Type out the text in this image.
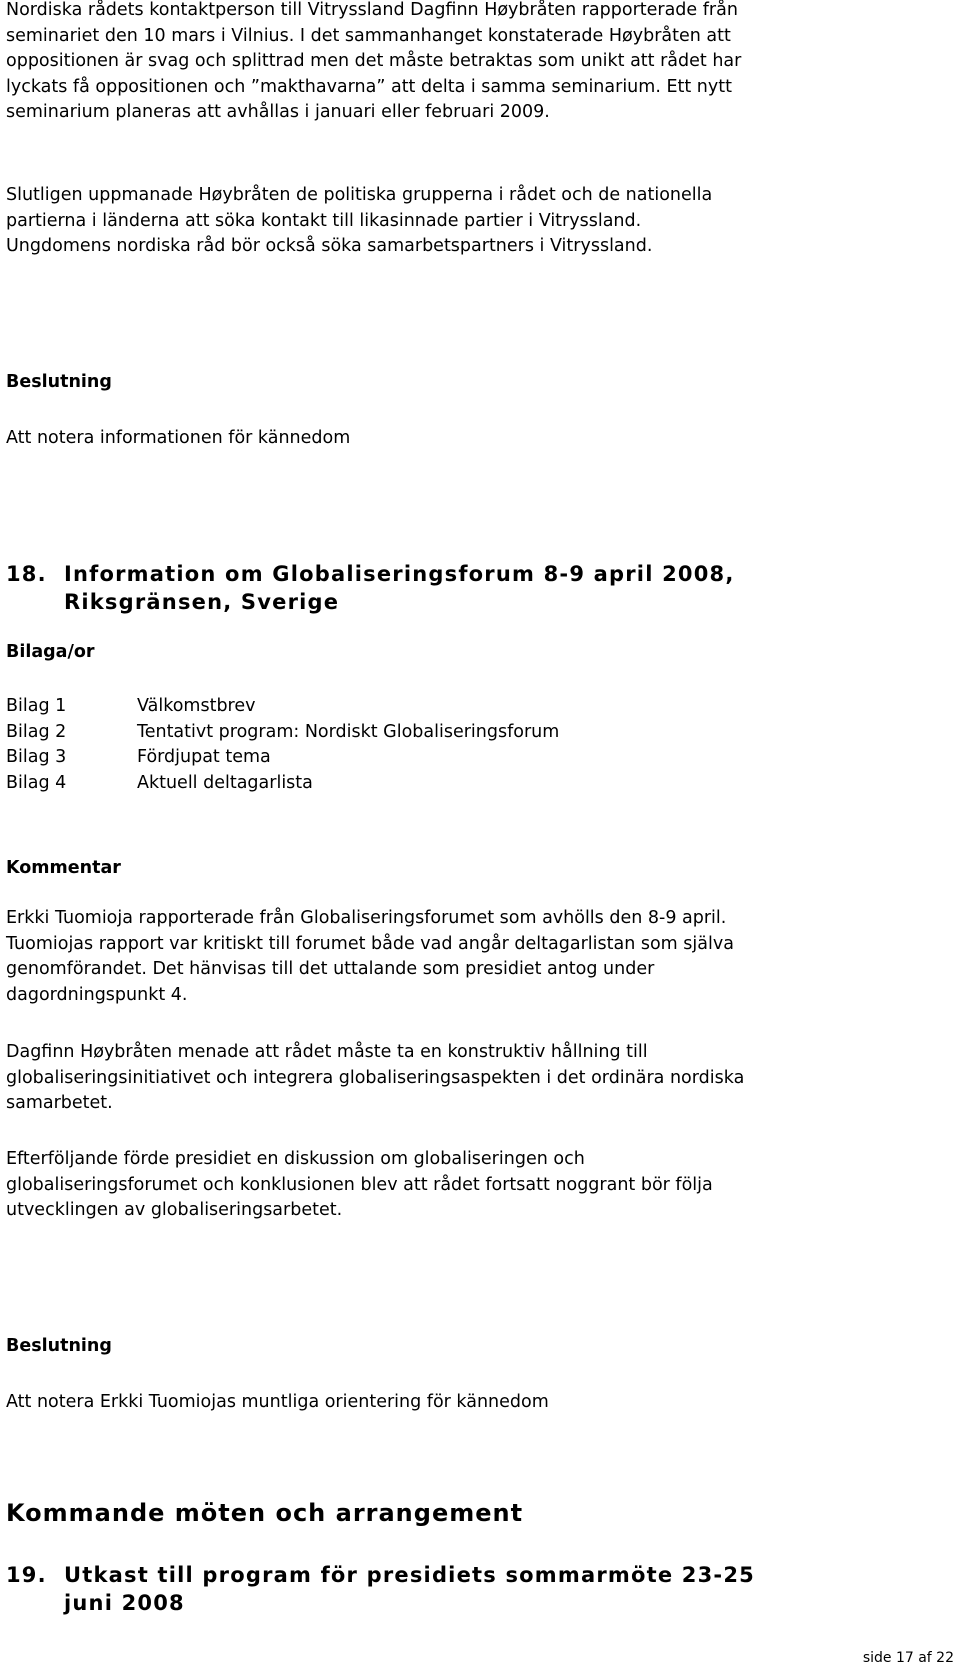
Nordiska rådets kontaktperson till Vitryssland Dagfinn Høybråten rapporterade från seminariet den 10 mars i Vilnius. I det sammanhanget konstaterade Høybråten att oppositionen är svag och splittrad men det måste betraktas som unikt att rådet har lyckats få oppositionen och ”makthavarna” att delta i samma seminarium. Ett nytt seminarium planeras att avhållas i januari eller februari 2009.

Slutligen uppmanade Høybråten de politiska grupperna i rådet och de nationella partierna i länderna att söka kontakt till likasinnade partier i Vitryssland. Ungdomens nordiska råd bör också söka samarbetspartners i Vitryssland.

Beslutning

Att notera informationen för kännedom

18. Information om Globaliseringsforum 8-9 april 2008, Riksgränsen, Sverige

Bilaga/or

Bilag 1	Välkomstbrev
Bilag 2	Tentativt program: Nordiskt Globaliseringsforum
Bilag 3	Fördjupat tema
Bilag 4	Aktuell deltagarlista

Kommentar

Erkki Tuomioja rapporterade från Globaliseringsforumet som avhölls den 8-9 april. Tuomiojas rapport var kritiskt till forumet både vad angår deltagarlistan som själva genomförandet. Det hänvisas till det uttalande som presidiet antog under dagordningspunkt 4.

Dagfinn Høybråten menade att rådet måste ta en konstruktiv hållning till globaliseringsinitiativet och integrera globaliseringsaspekten i det ordinära nordiska samarbetet.

Efterföljande förde presidiet en diskussion om globaliseringen och globaliseringsforumet och konklusionen blev att rådet fortsatt noggrant bör följa utvecklingen av globaliseringsarbetet.

Beslutning

Att notera Erkki Tuomiojas muntliga orientering för kännedom

Kommande möten och arrangement
19. Utkast till program för presidiets sommarmöte 23-25 juni 2008
side 17 af 22
